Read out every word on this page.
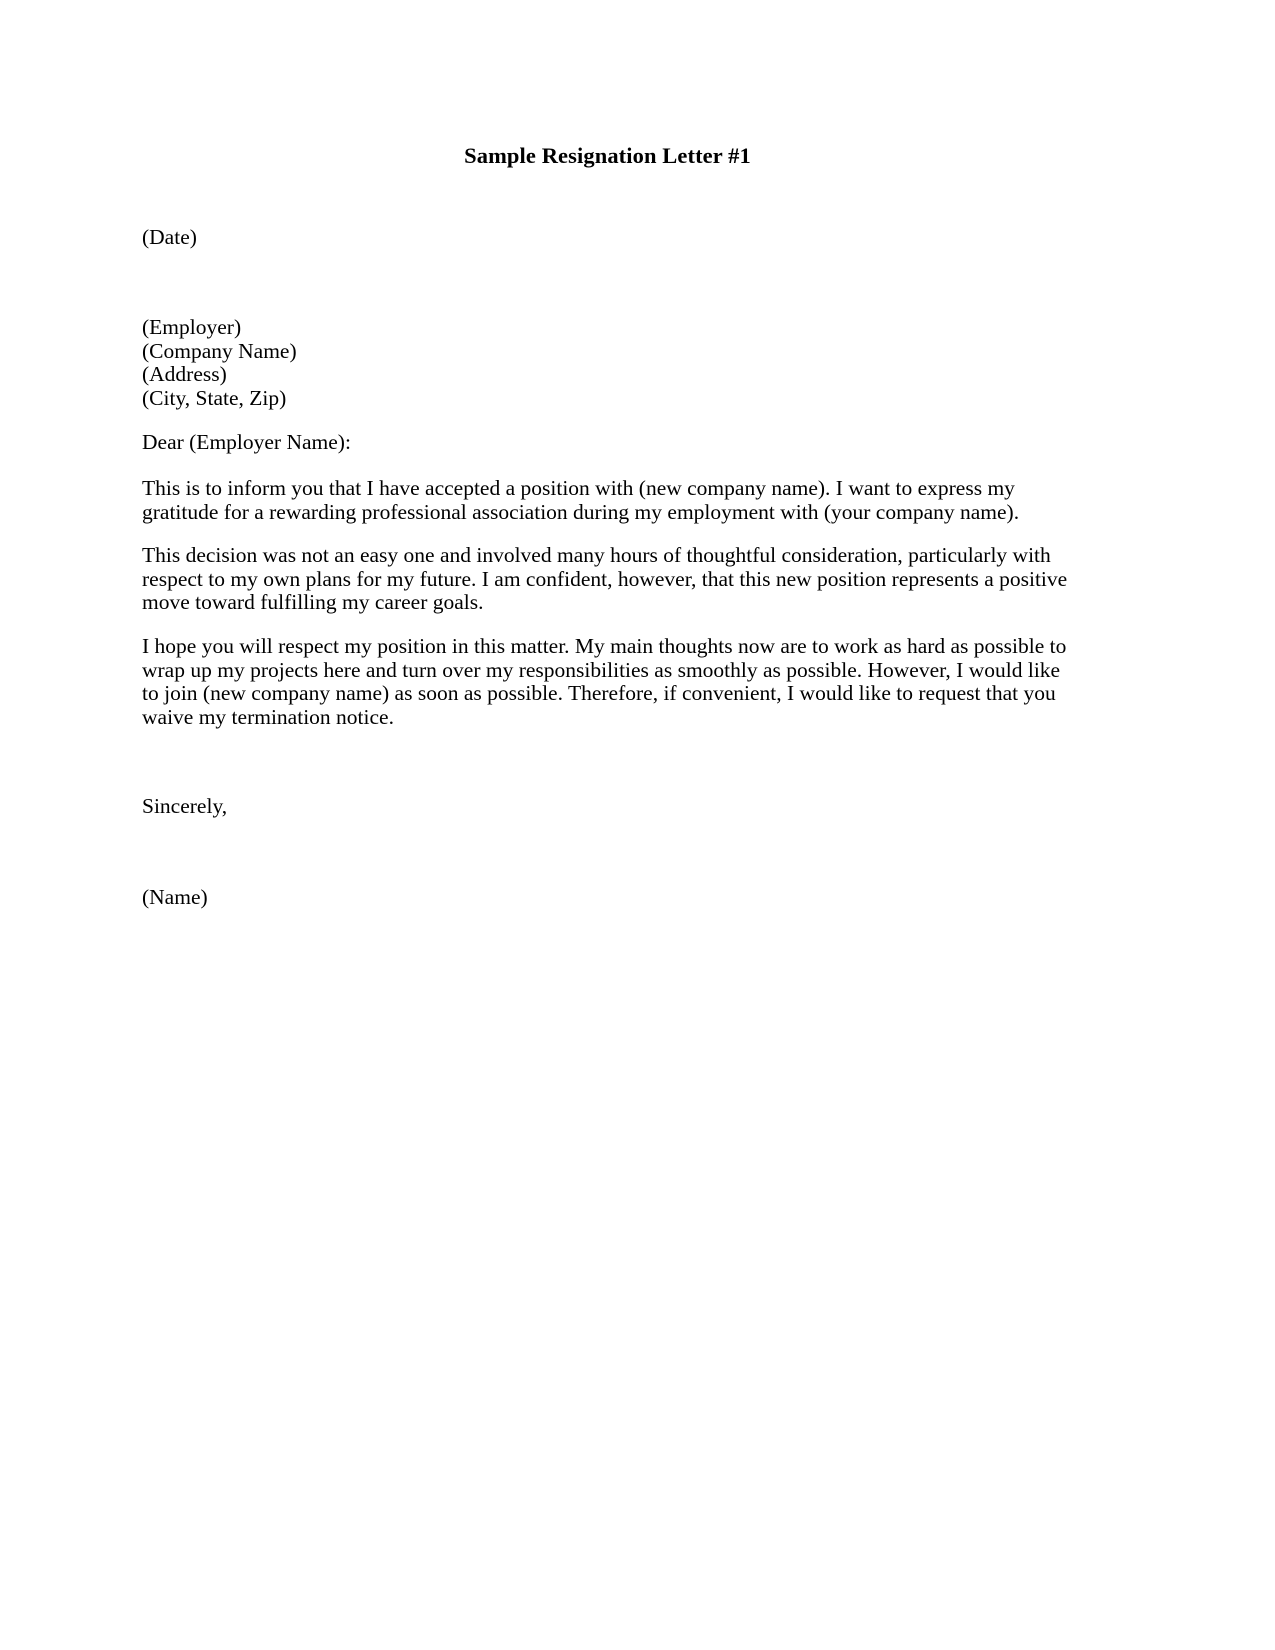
Sample Resignation Letter #1
(Date)
(Employer)
(Company Name)
(Address)
(City, State, Zip)
Dear (Employer Name):
This is to inform you that I have accepted a position with (new company name). I want to express my gratitude for a rewarding professional association during my employment with (your company name).
This decision was not an easy one and involved many hours of thoughtful consideration, particularly with respect to my own plans for my future. I am confident, however, that this new position represents a positive move toward fulfilling my career goals.
I hope you will respect my position in this matter. My main thoughts now are to work as hard as possible to wrap up my projects here and turn over my responsibilities as smoothly as possible. However, I would like to join (new company name) as soon as possible. Therefore, if convenient, I would like to request that you waive my termination notice.
Sincerely,
(Name)
